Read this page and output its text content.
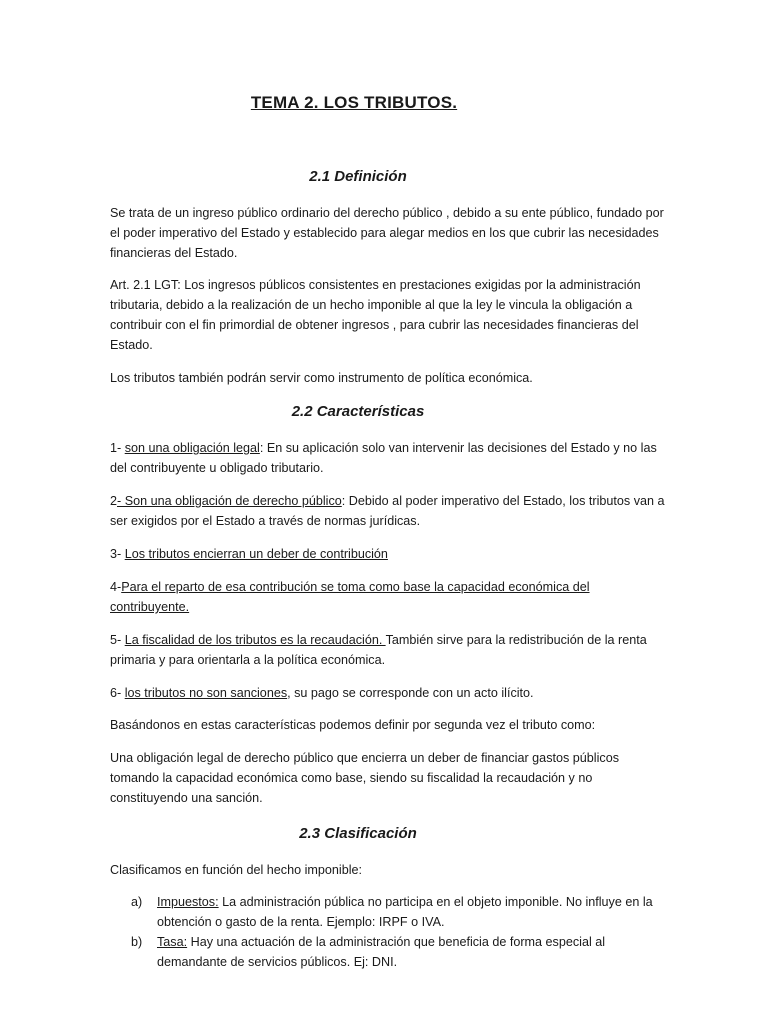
TEMA 2. LOS TRIBUTOS.
2.1 Definición

Se trata de un ingreso público ordinario del derecho público , debido a su ente público, fundado por el poder imperativo del Estado y establecido para alegar medios en los que cubrir las necesidades financieras del Estado.

Art. 2.1 LGT: Los ingresos públicos consistentes en prestaciones exigidas por la administración tributaria, debido a la realización de un hecho imponible al que la ley le vincula la obligación a contribuir con el fin primordial de obtener ingresos , para cubrir las necesidades financieras del Estado.

Los tributos también podrán servir como instrumento de política económica.

2.2 Características

1- son una obligación legal: En su aplicación solo van intervenir las decisiones del Estado y no las del contribuyente u obligado tributario.

2- Son una obligación de derecho público: Debido al poder imperativo del Estado, los tributos van a ser exigidos por el Estado a través de normas jurídicas.

3- Los tributos encierran un deber de contribución

4-Para el reparto de esa contribución se toma como base la capacidad económica del contribuyente.

5- La fiscalidad de los tributos es la recaudación. También sirve para la redistribución de la renta primaria y para orientarla a la política económica.

6- los tributos no son sanciones, su pago se corresponde con un acto ilícito.

Basándonos en estas características podemos definir por segunda vez el tributo como:

Una obligación legal de derecho público que encierra un deber de financiar gastos públicos tomando la capacidad económica como base, siendo su fiscalidad la recaudación y no constituyendo una sanción.

2.3 Clasificación

Clasificamos en función del hecho imponible:

a) Impuestos: La administración pública no participa en el objeto imponible. No influye en la obtención o gasto de la renta. Ejemplo: IRPF o IVA.
b) Tasa: Hay una actuación de la administración que beneficia de forma especial al demandante de servicios públicos. Ej: DNI.
